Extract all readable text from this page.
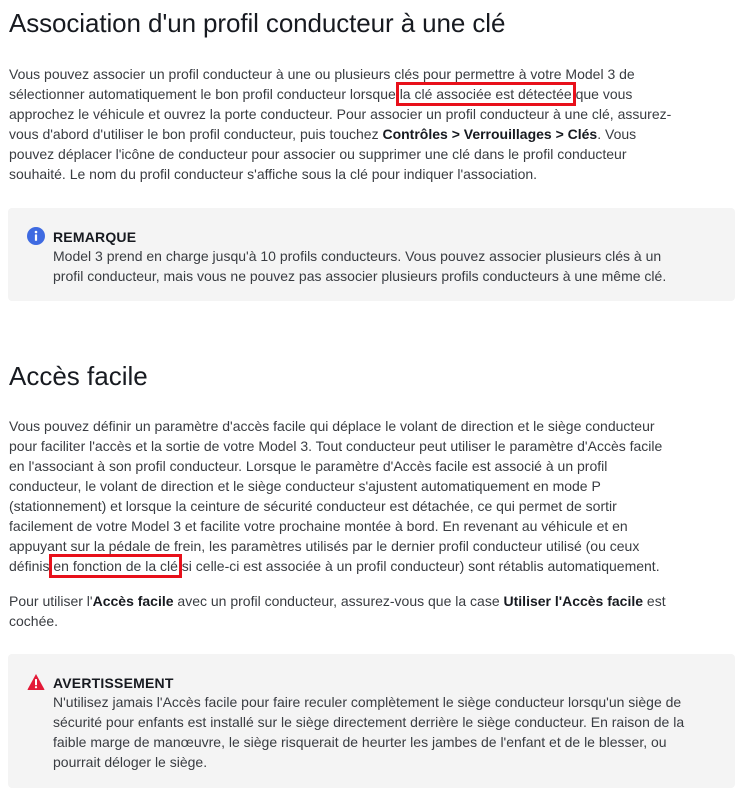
Association d'un profil conducteur à une clé
Vous pouvez associer un profil conducteur à une ou plusieurs clés pour permettre à votre Model 3 de
sélectionner automatiquement le bon profil conducteur lorsque la clé associée est détectée que vous
approchez le véhicule et ouvrez la porte conducteur. Pour associer un profil conducteur à une clé, assurez-
vous d'abord d'utiliser le bon profil conducteur, puis touchez Contrôles > Verrouillages > Clés. Vous
pouvez déplacer l'icône de conducteur pour associer ou supprimer une clé dans le profil conducteur
souhaité. Le nom du profil conducteur s'affiche sous la clé pour indiquer l'association.
REMARQUE
Model 3 prend en charge jusqu'à 10 profils conducteurs. Vous pouvez associer plusieurs clés à un
profil conducteur, mais vous ne pouvez pas associer plusieurs profils conducteurs à une même clé.
Accès facile
Vous pouvez définir un paramètre d'accès facile qui déplace le volant de direction et le siège conducteur
pour faciliter l'accès et la sortie de votre Model 3. Tout conducteur peut utiliser le paramètre d'Accès facile
en l'associant à son profil conducteur. Lorsque le paramètre d'Accès facile est associé à un profil
conducteur, le volant de direction et le siège conducteur s'ajustent automatiquement en mode P
(stationnement) et lorsque la ceinture de sécurité conducteur est détachée, ce qui permet de sortir
facilement de votre Model 3 et facilite votre prochaine montée à bord. En revenant au véhicule et en
appuyant sur la pédale de frein, les paramètres utilisés par le dernier profil conducteur utilisé (ou ceux
définis en fonction de la clé si celle-ci est associée à un profil conducteur) sont rétablis automatiquement.
Pour utiliser l'Accès facile avec un profil conducteur, assurez-vous que la case Utiliser l'Accès facile est
cochée.
AVERTISSEMENT
N'utilisez jamais l'Accès facile pour faire reculer complètement le siège conducteur lorsqu'un siège de
sécurité pour enfants est installé sur le siège directement derrière le siège conducteur. En raison de la
faible marge de manœuvre, le siège risquerait de heurter les jambes de l'enfant et de le blesser, ou
pourrait déloger le siège.
